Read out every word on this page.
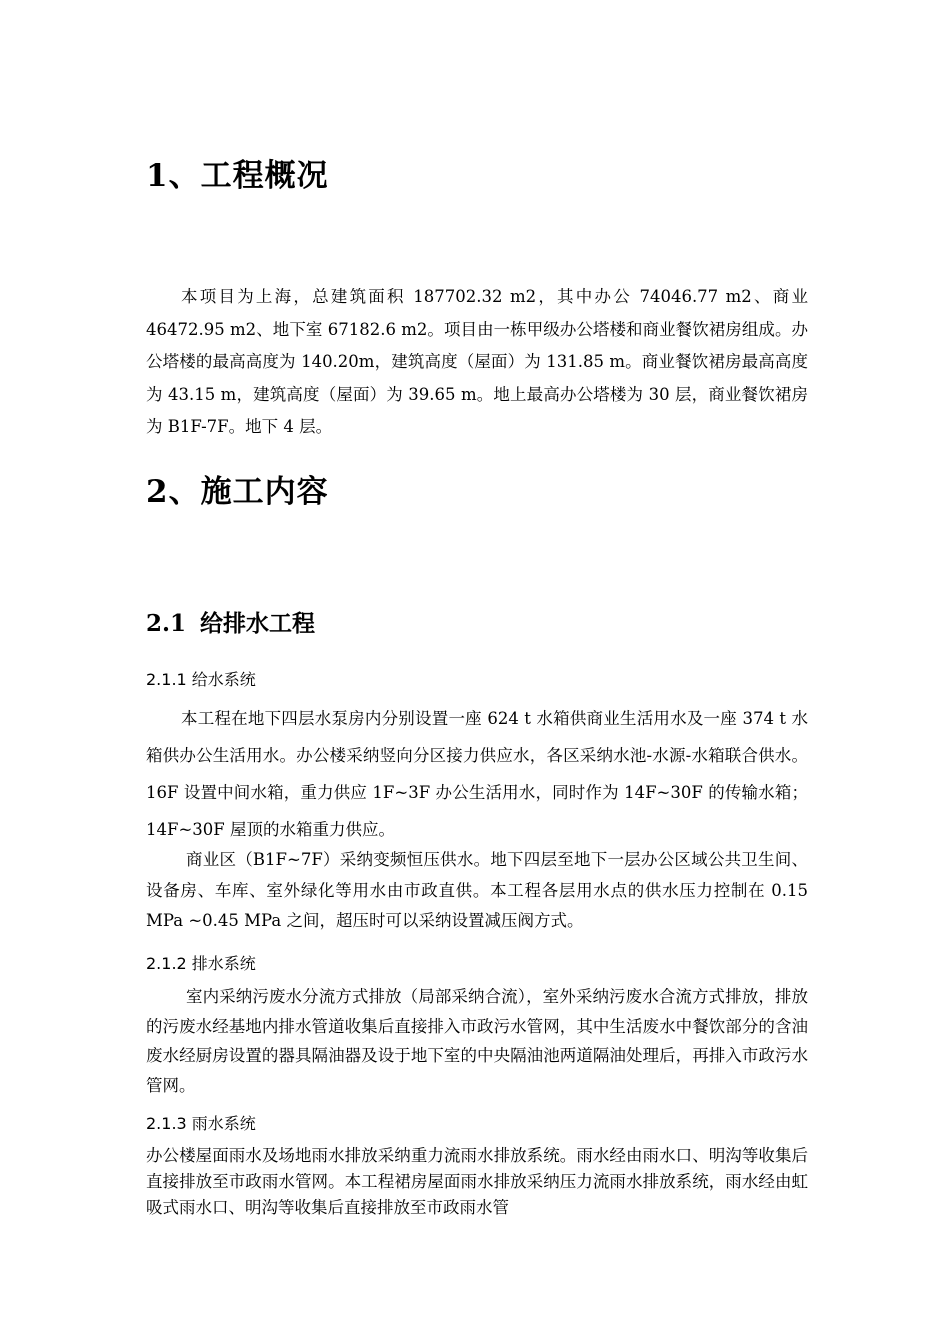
1、工程概况

本项目为上海，总建筑面积 187702.32 m2，其中办公 74046.77 m2、商业 46472.95 m2、地下室 67182.6 m2。项目由一栋甲级办公塔楼和商业餐饮裙房组成。办公塔楼的最高高度为 140.20m，建筑高度（屋面）为 131.85 m。商业餐饮裙房最高高度为 43.15 m，建筑高度（屋面）为 39.65 m。地上最高办公塔楼为 30 层，商业餐饮裙房为 B1F-7F。地下 4 层。

2、施工内容
2.1 给排水工程
2.1.1 给水系统

本工程在地下四层水泵房内分别设置一座 624 t 水箱供商业生活用水及一座 374 t 水箱供办公生活用水。办公楼采纳竖向分区接力供应水，各区采纳水池-水源-水箱联合供水。16F 设置中间水箱，重力供应 1F~3F 办公生活用水，同时作为 14F~30F 的传输水箱；14F~30F 屋顶的水箱重力供应。

商业区（B1F~7F）采纳变频恒压供水。地下四层至地下一层办公区域公共卫生间、设备房、车库、室外绿化等用水由市政直供。本工程各层用水点的供水压力控制在 0.15 MPa ~0.45 MPa 之间，超压时可以采纳设置减压阀方式。

2.1.2 排水系统

室内采纳污废水分流方式排放（局部采纳合流），室外采纳污废水合流方式排放，排放的污废水经基地内排水管道收集后直接排入市政污水管网，其中生活废水中餐饮部分的含油废水经厨房设置的器具隔油器及设于地下室的中央隔油池两道隔油处理后，再排入市政污水管网。

2.1.3 雨水系统

办公楼屋面雨水及场地雨水排放采纳重力流雨水排放系统。雨水经由雨水口、明沟等收集后直接排放至市政雨水管网。本工程裙房屋面雨水排放采纳压力流雨水排放系统，雨水经由虹吸式雨水口、明沟等收集后直接排放至市政雨水管
